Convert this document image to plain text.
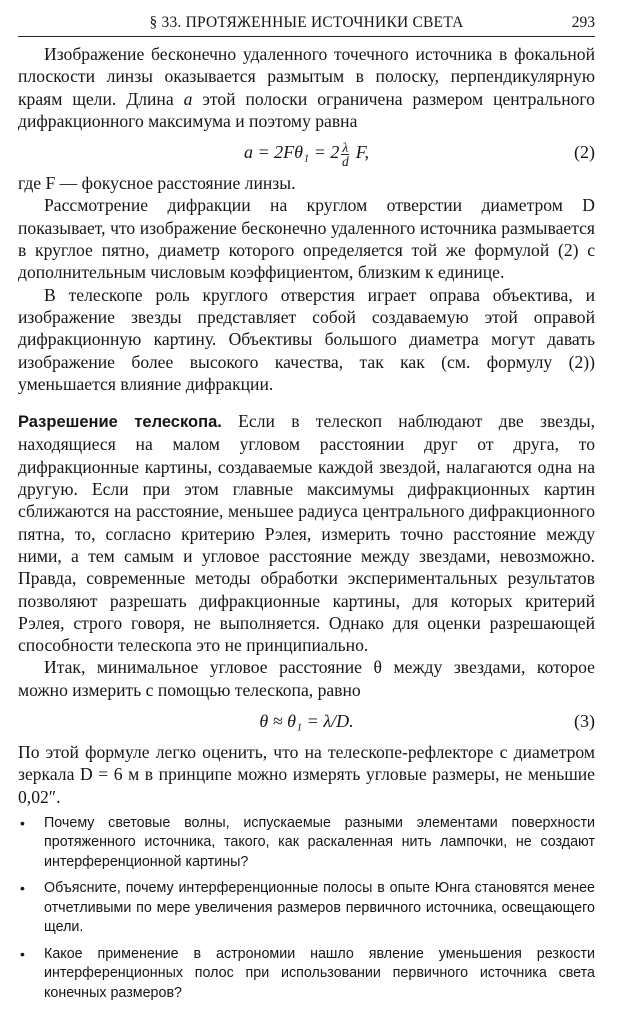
§ 33. ПРОТЯЖЕННЫЕ ИСТОЧНИКИ СВЕТА	293

Изображение бесконечно удаленного точечного источника в фокальной плоскости линзы оказывается размытым в полоску, перпендикулярную краям щели. Длина a этой полоски ограничена размером центрального дифракционного максимума и поэтому равна

$a = 2F\theta_1 = 2 \frac{\lambda}{d} F$,	(2)

где F — фокусное расстояние линзы.

Рассмотрение дифракции на круглом отверстии диаметром D показывает, что изображение бесконечно удаленного источника размывается в круглое пятно, диаметр которого определяется той же формулой (2) с дополнительным числовым коэффициентом, близким к единице.

В телескопе роль круглого отверстия играет оправа объектива, и изображение звезды представляет собой создаваемую этой оправой дифракционную картину. Объективы большого диаметра могут давать изображение более высокого качества, так как (см. формулу (2)) уменьшается влияние дифракции.

Разрешение телескопа. Если в телескоп наблюдают две звезды, находящиеся на малом угловом расстоянии друг от друга, то дифракционные картины, создаваемые каждой звездой, налагаются одна на другую. Если при этом главные максимумы дифракционных картин сближаются на расстояние, меньшее радиуса центрального дифракционного пятна, то, согласно критерию Рэлея, измерить точно расстояние между ними, а тем самым и угловое расстояние между звездами, невозможно. Правда, современные методы обработки экспериментальных результатов позволяют разрешать дифракционные картины, для которых критерий Рэлея, строго говоря, не выполняется. Однако для оценки разрешающей способности телескопа это не принципиально.

Итак, минимальное угловое расстояние θ между звездами, которое можно измерить с помощью телескопа, равно

θ ≈ θ₁ = λ/D.	(3)

По этой формуле легко оценить, что на телескопе-рефлекторе с диаметром зеркала D = 6 м в принципе можно измерять угловые размеры, не меньшие 0,02″.

• Почему световые волны, испускаемые разными элементами поверхности протяженного источника, такого, как раскаленная нить лампочки, не создают интерференционной картины?
• Объясните, почему интерференционные полосы в опыте Юнга становятся менее отчетливыми по мере увеличения размеров первичного источника, освещающего щели.
• Какое применение в астрономии нашло явление уменьшения резкости интерференционных полос при использовании первичного источника света конечных размеров?
